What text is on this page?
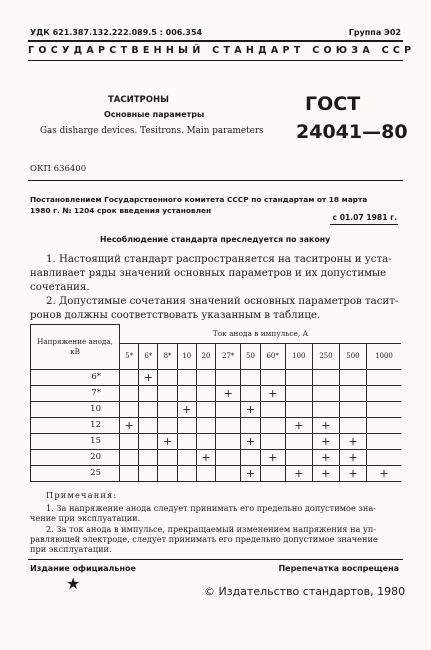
УДК 621.387.132.222.089.5 : 006.354	Группа Э02
ГОСУДАРСТВЕННЫЙ СТАНДАРТ СОЮЗА ССР
ТАСИТРОНЫ
Основные параметры
Gas disharge devices. Tesitrons. Main parameters
ГОСТ
24041—80
ОКП 636400
Постановлением Государственного комитета СССР по стандартам от 18 марта
1980 г. № 1204 срок введения установлен
с 01.07 1981 г.
Несоблюдение стандарта преследуется по закону
1. Настоящий стандарт распространяется на таситроны и уста-
навливает ряды значений основных параметров и их допустимые
сочетания.
2. Допустимые сочетания значений основных параметров тасит-
ронов должны соответствовать указанным в таблице.
Напряжение анода,
кВ	Ток анода в импульсе, А											
	5*	6*	8*	10	20	27*	50	60*	100	250	500	1000
6*		+										
7*						+		+				
10				+			+					
12	+								+	+		
15			+				+			+	+	
20					+			+		+	+	
25							+		+	+	+	+
Примечания:
1. За напряжение анода следует принимать его предельно допустимое зна-
чение при эксплуатации.
2. За ток анода в импульсе, прекращаемый изменением напряжения на уп-
равляющей электроде, следует принимать его предельно допустимое значение
при эксплуатации.
Издание официальное	Перепечатка воспрещена
★	© Издательство стандартов, 1980
